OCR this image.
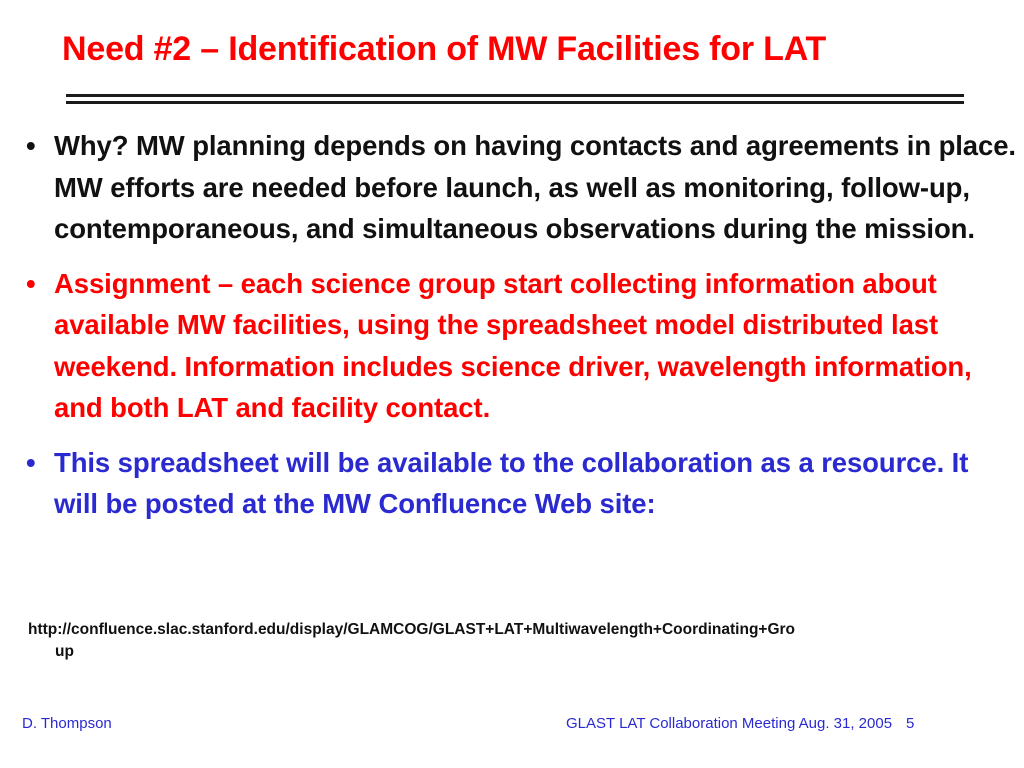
Need #2 – Identification of MW Facilities for LAT
• Why? MW planning depends on having contacts and agreements in place. MW efforts are needed before launch, as well as monitoring, follow-up, contemporaneous, and simultaneous observations during the mission.
• Assignment – each science group start collecting information about available MW facilities, using the spreadsheet model distributed last weekend. Information includes science driver, wavelength information, and both LAT and facility contact.
• This spreadsheet will be available to the collaboration as a resource. It will be posted at the MW Confluence Web site:
http://confluence.slac.stanford.edu/display/GLAMCOG/GLAST+LAT+Multiwavelength+Coordinating+Gro
up
D. Thompson	GLAST LAT Collaboration Meeting Aug. 31, 2005 5
